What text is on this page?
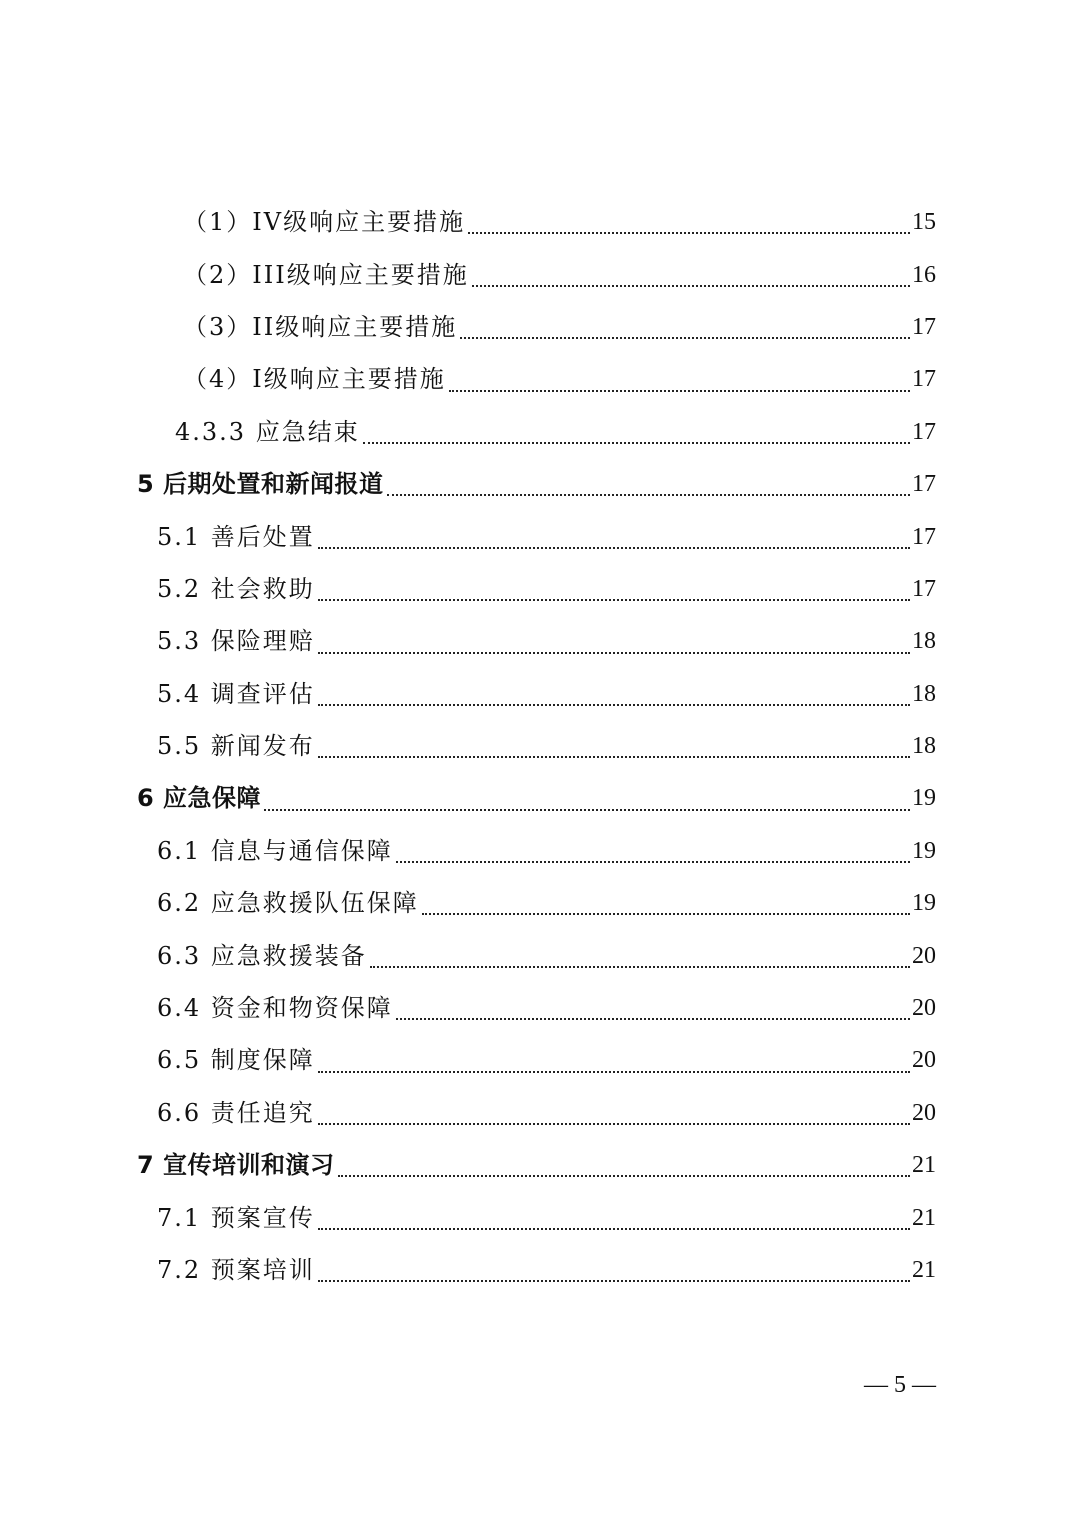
（1）IV级响应主要措施	15
（2）III级响应主要措施	16
（3）II级响应主要措施	17
（4）I级响应主要措施	17
4.3.3 应急结束	17
5 后期处置和新闻报道	17
5.1 善后处置	17
5.2 社会救助	17
5.3 保险理赔	18
5.4 调查评估	18
5.5 新闻发布	18
6 应急保障	19
6.1 信息与通信保障	19
6.2 应急救援队伍保障	19
6.3 应急救援装备	20
6.4 资金和物资保障	20
6.5 制度保障	20
6.6 责任追究	20
7 宣传培训和演习	21
7.1 预案宣传	21
7.2 预案培训	21
— 5 —
